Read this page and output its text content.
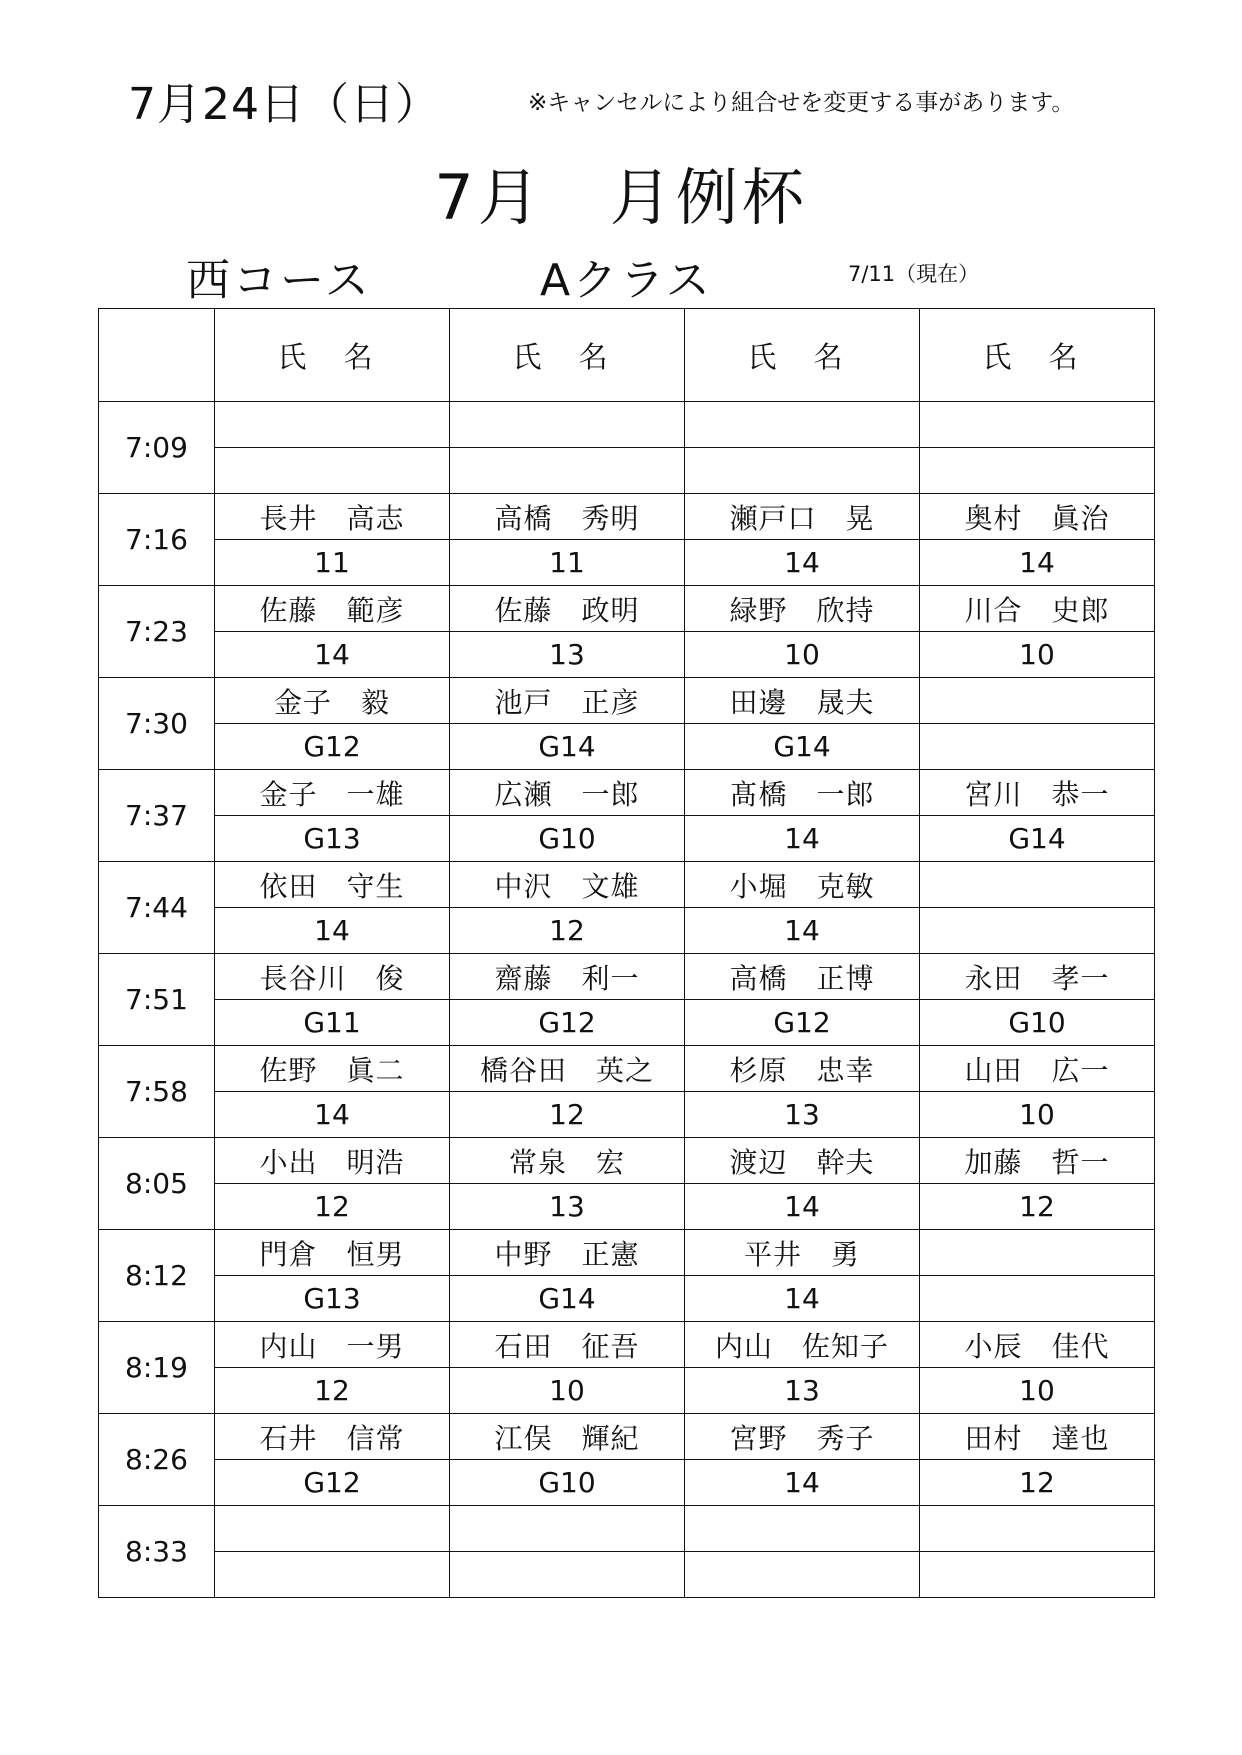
7月24日（日）	※キャンセルにより組合せを変更する事があります。
7月　月例杯
西コース	Aクラス	7/11（現在）
	氏 名	氏 名	氏 名	氏 名
7:09				

7:16	長井　高志	高橋　秀明	瀬戸口　晃	奥村　眞治
	11	11	14	14
7:23	佐藤　範彦	佐藤　政明	緑野　欣持	川合　史郎
	14	13	10	10
7:30	金子　毅	池戸　正彦	田邊　晟夫	
	G12	G14	G14	
7:37	金子　一雄	広瀬　一郎	髙橋　一郎	宮川　恭一
	G13	G10	14	G14
7:44	依田　守生	中沢　文雄	小堀　克敏	
	14	12	14	
7:51	長谷川　俊	齋藤　利一	高橋　正博	永田　孝一
	G11	G12	G12	G10
7:58	佐野　眞二	橋谷田　英之	杉原　忠幸	山田　広一
	14	12	13	10
8:05	小出　明浩	常泉　宏	渡辺　幹夫	加藤　哲一
	12	13	14	12
8:12	門倉　恒男	中野　正憲	平井　勇	
	G13	G14	14	
8:19	内山　一男	石田　征吾	内山　佐知子	小辰　佳代
	12	10	13	10
8:26	石井　信常	江俣　輝紀	宮野　秀子	田村　達也
	G12	G10	14	12
8:33				
